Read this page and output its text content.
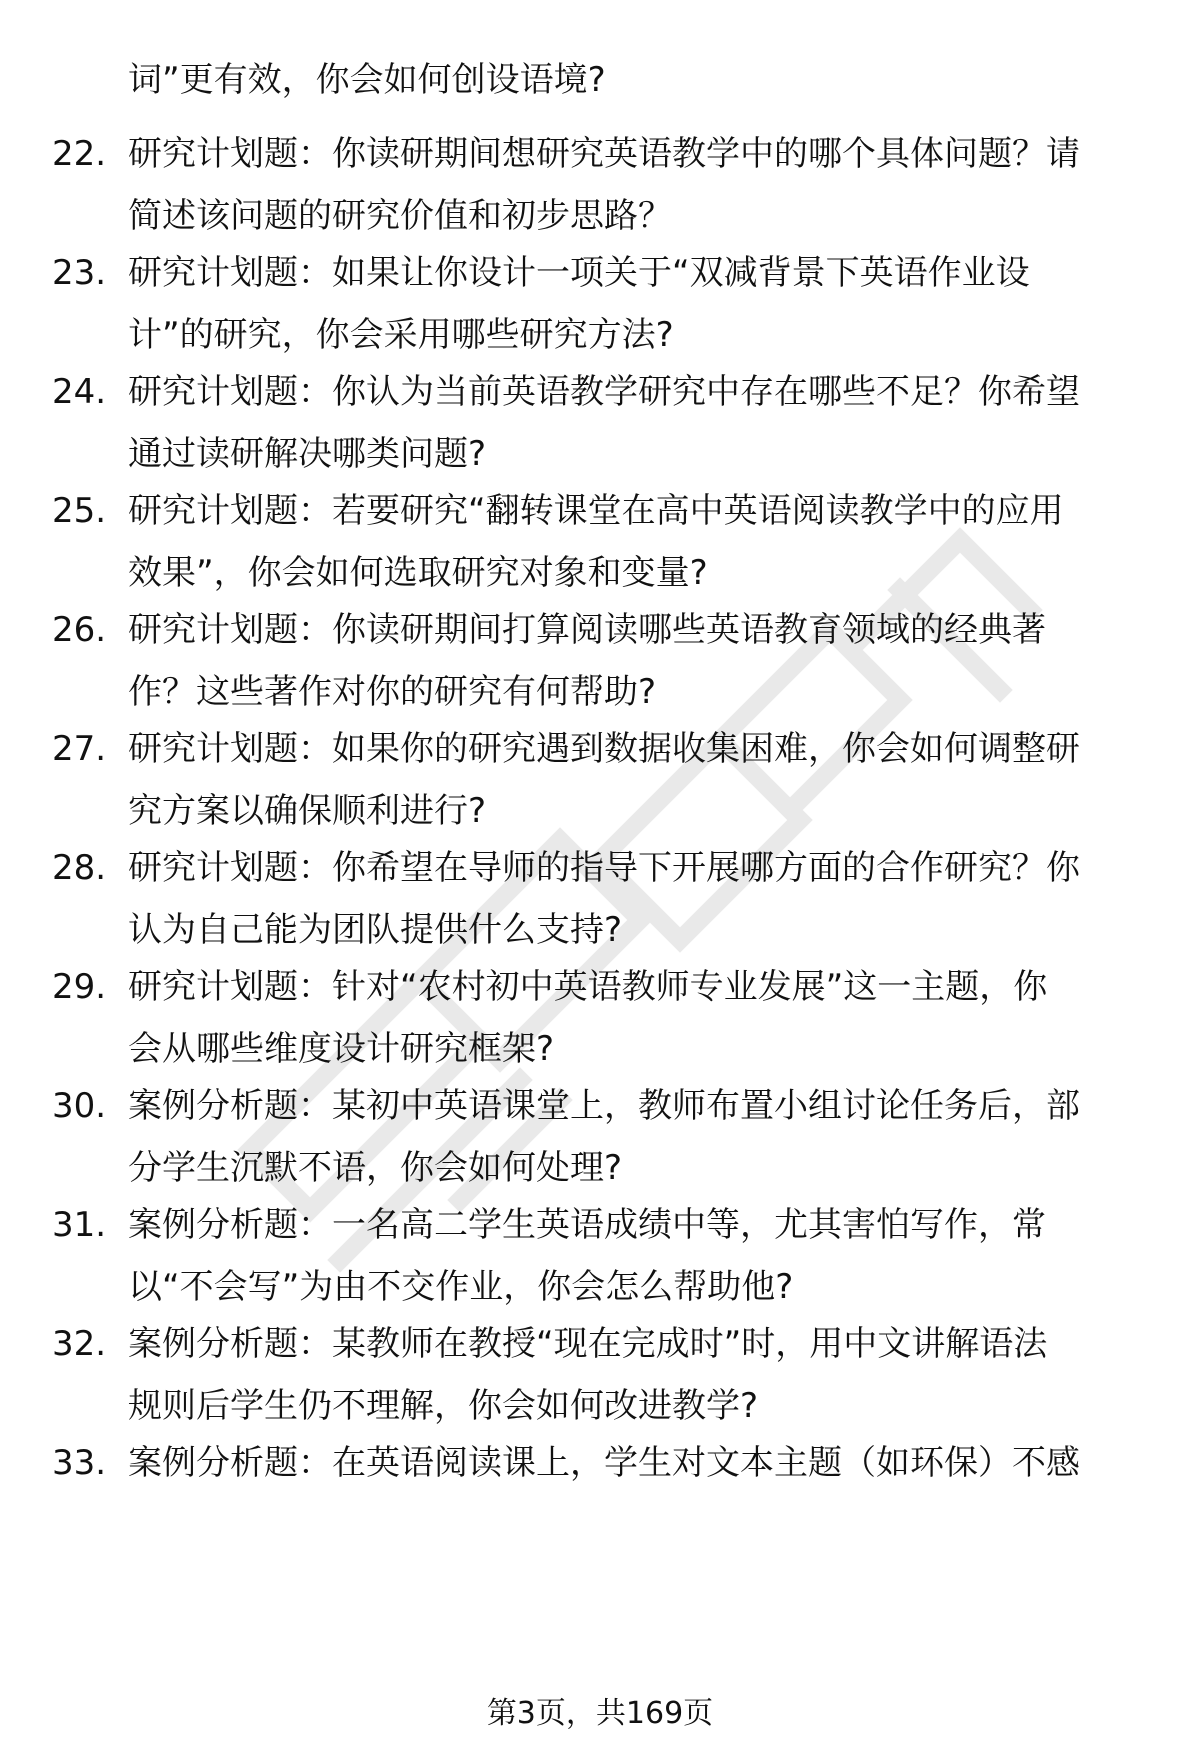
词”更有效，你会如何创设语境?
22. 研究计划题：你读研期间想研究英语教学中的哪个具体问题？请
简述该问题的研究价值和初步思路？
23. 研究计划题：如果让你设计一项关于“双减背景下英语作业设
计”的研究，你会采用哪些研究方法?
24. 研究计划题：你认为当前英语教学研究中存在哪些不足？你希望
通过读研解决哪类问题?
25. 研究计划题：若要研究“翻转课堂在高中英语阅读教学中的应用
效果”，你会如何选取研究对象和变量?
26. 研究计划题：你读研期间打算阅读哪些英语教育领域的经典著
作？这些著作对你的研究有何帮助?
27. 研究计划题：如果你的研究遇到数据收集困难，你会如何调整研
究方案以确保顺利进行?
28. 研究计划题：你希望在导师的指导下开展哪方面的合作研究？你
认为自己能为团队提供什么支持?
29. 研究计划题：针对“农村初中英语教师专业发展”这一主题，你
会从哪些维度设计研究框架?
30. 案例分析题：某初中英语课堂上，教师布置小组讨论任务后，部
分学生沉默不语，你会如何处理?
31. 案例分析题：一名高二学生英语成绩中等，尤其害怕写作，常
以“不会写”为由不交作业，你会怎么帮助他?
32. 案例分析题：某教师在教授“现在完成时”时，用中文讲解语法
规则后学生仍不理解，你会如何改进教学?
33. 案例分析题：在英语阅读课上，学生对文本主题（如环保）不感
第3页，共169页
